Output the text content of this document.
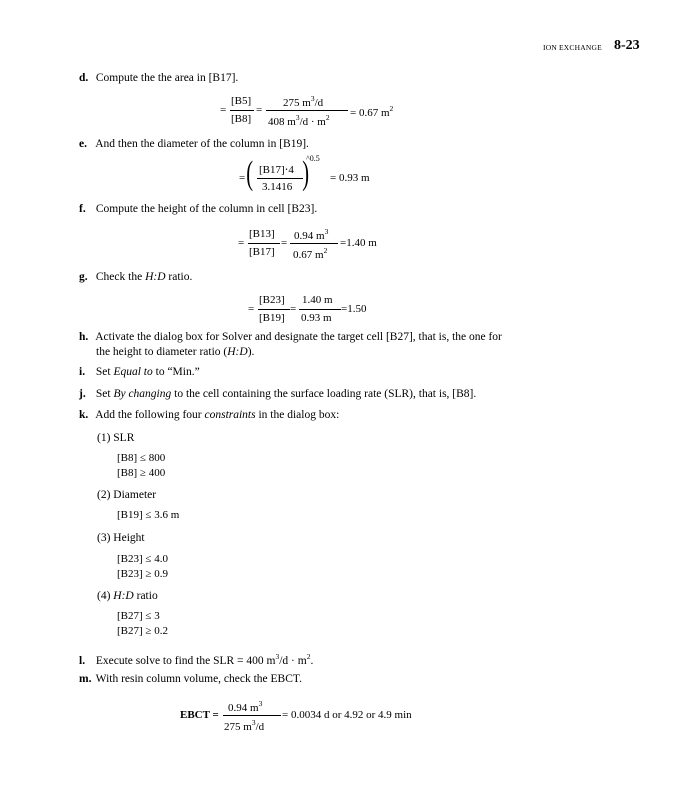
ION EXCHANGE 8-23
d. Compute the the area in [B17].
=
[B5]
[B8]
=
275 $m^3/d$
408 $m^3/d \cdot m^2 = 0.67$ $m^2$
e. And then the diameter of the column in [B19].
= ( [B17]⋅4
3.1416 )
^0.5
= 0.93 m
f. Compute the height of the column in cell [B23].
=
[B13]
[B17]
=
0.94 $m^3$
0.67 $m^2$
=1.40 m
g. Check the H:D ratio.
=
[B23]
[B19]
=
1.40 m
0.93 m
=1.50
h. Activate the dialog box for Solver and designate the target cell [B27], that is, the one for
the height to diameter ratio (H:D).
i. Set Equal to to “Min.”
j. Set By changing to the cell containing the surface loading rate (SLR), that is, [B8].
k. Add the following four constraints in the dialog box:
(1) SLR
[B8] ≤ 800
[B8] ≥ 400
(2) Diameter
[B19] ≤ 3.6 m
(3) Height
[B23] ≤ 4.0
[B23] ≥ 0.9
(4) H:D ratio
[B27] ≤ 3
[B27] ≥ 0.2
l. Execute solve to find the SLR = 400 $m^3/d \cdot m^2$.
m. With resin column volume, check the EBCT.
EBCT =
0.94 $m^3$
275 $m^3/d$
= 0.0034 d or 4.92 or 4.9 min
